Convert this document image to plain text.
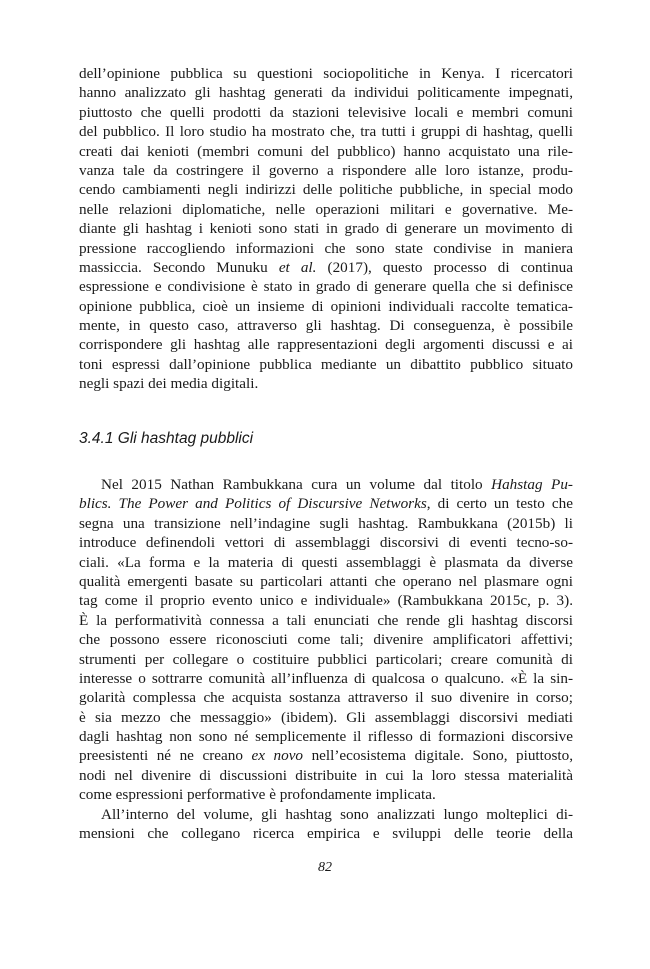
dell’opinione pubblica su questioni sociopolitiche in Kenya. I ricercatori
hanno analizzato gli hashtag generati da individui politicamente impegnati,
piuttosto che quelli prodotti da stazioni televisive locali e membri comuni
del pubblico. Il loro studio ha mostrato che, tra tutti i gruppi di hashtag, quelli
creati dai kenioti (membri comuni del pubblico) hanno acquistato una rile-
vanza tale da costringere il governo a rispondere alle loro istanze, produ-
cendo cambiamenti negli indirizzi delle politiche pubbliche, in special modo
nelle relazioni diplomatiche, nelle operazioni militari e governative. Me-
diante gli hashtag i kenioti sono stati in grado di generare un movimento di
pressione raccogliendo informazioni che sono state condivise in maniera
massiccia. Secondo Munuku et al. (2017), questo processo di continua
espressione e condivisione è stato in grado di generare quella che si definisce
opinione pubblica, cioè un insieme di opinioni individuali raccolte tematica-
mente, in questo caso, attraverso gli hashtag. Di conseguenza, è possibile
corrispondere gli hashtag alle rappresentazioni degli argomenti discussi e ai
toni espressi dall’opinione pubblica mediante un dibattito pubblico situato
negli spazi dei media digitali.
3.4.1 Gli hashtag pubblici
Nel 2015 Nathan Rambukkana cura un volume dal titolo Hahstag Pu-
blics. The Power and Politics of Discursive Networks, di certo un testo che
segna una transizione nell’indagine sugli hashtag. Rambukkana (2015b) li
introduce definendoli vettori di assemblaggi discorsivi di eventi tecno-so-
ciali. «La forma e la materia di questi assemblaggi è plasmata da diverse
qualità emergenti basate su particolari attanti che operano nel plasmare ogni
tag come il proprio evento unico e individuale» (Rambukkana 2015c, p. 3).
È la performatività connessa a tali enunciati che rende gli hashtag discorsi
che possono essere riconosciuti come tali; divenire amplificatori affettivi;
strumenti per collegare o costituire pubblici particolari; creare comunità di
interesse o sottrarre comunità all’influenza di qualcosa o qualcuno. «È la sin-
golarità complessa che acquista sostanza attraverso il suo divenire in corso;
è sia mezzo che messaggio» (ibidem). Gli assemblaggi discorsivi mediati
dagli hashtag non sono né semplicemente il riflesso di formazioni discorsive
preesistenti né ne creano ex novo nell’ecosistema digitale. Sono, piuttosto,
nodi nel divenire di discussioni distribuite in cui la loro stessa materialità
come espressioni performative è profondamente implicata.
All’interno del volume, gli hashtag sono analizzati lungo molteplici di-
mensioni che collegano ricerca empirica e sviluppi delle teorie della
82
